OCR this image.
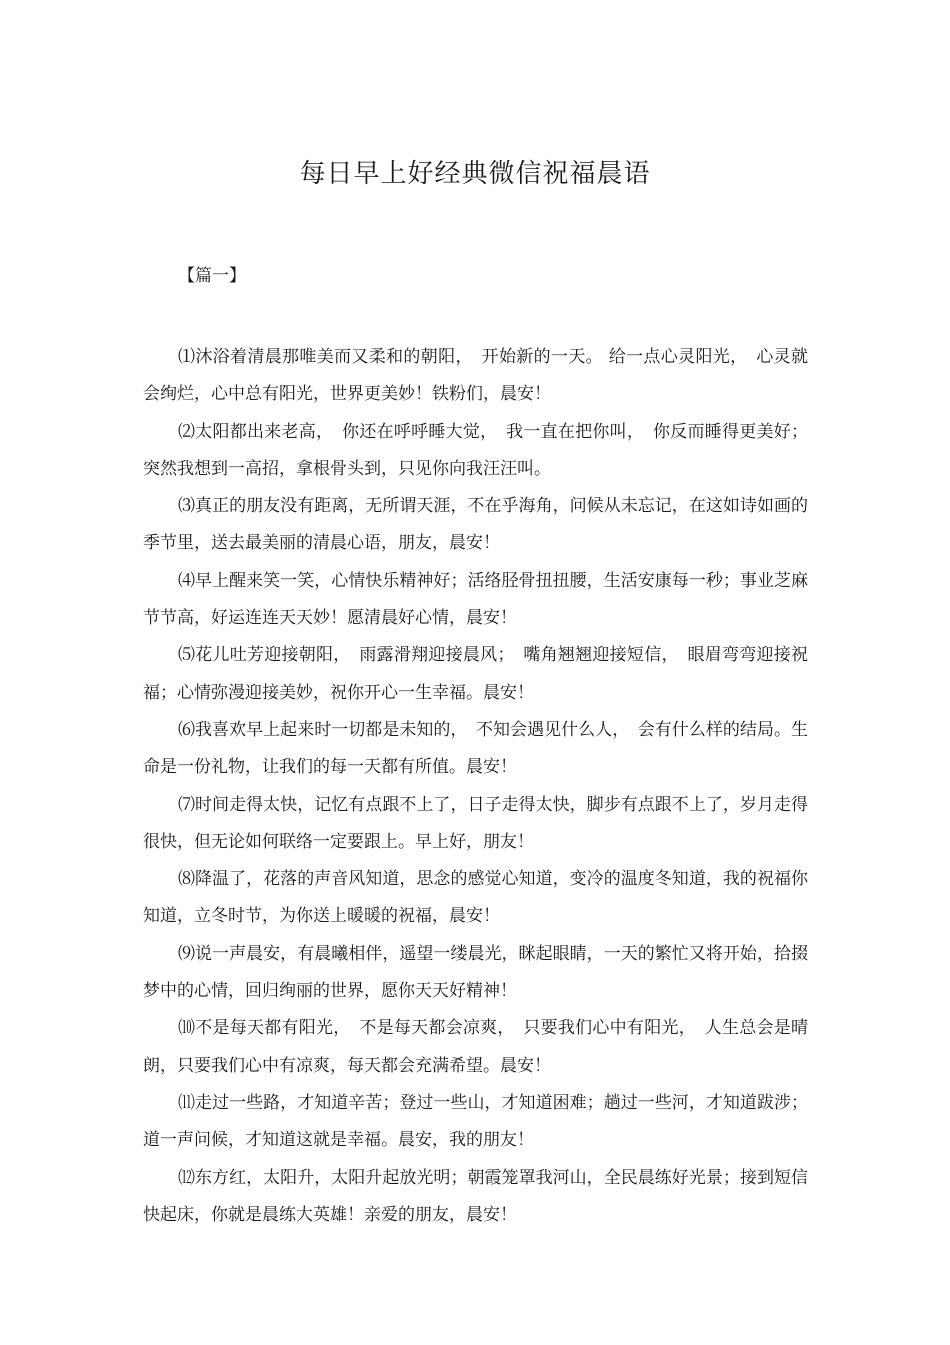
每日早上好经典微信祝福晨语
【篇一】

⑴沐浴着清晨那唯美而又柔和的朝阳，　开始新的一天。 给一点心灵阳光，　心灵就会绚烂，心中总有阳光，世界更美妙！铁粉们，晨安！

⑵太阳都出来老高，　你还在呼呼睡大觉，　我一直在把你叫，　你反而睡得更美好；突然我想到一高招，拿根骨头到，只见你向我汪汪叫。

⑶真正的朋友没有距离，无所谓天涯，不在乎海角，问候从未忘记，在这如诗如画的季节里，送去最美丽的清晨心语，朋友，晨安！

⑷早上醒来笑一笑，心情快乐精神好；活络胫骨扭扭腰，生活安康每一秒；事业芝麻节节高，好运连连天天妙！愿清晨好心情，晨安！

⑸花儿吐芳迎接朝阳，　雨露滑翔迎接晨风；　嘴角翘翘迎接短信，　眼眉弯弯迎接祝福；心情弥漫迎接美妙，祝你开心一生幸福。晨安！

⑹我喜欢早上起来时一切都是未知的，　不知会遇见什么人，　会有什么样的结局。生命是一份礼物，让我们的每一天都有所值。晨安！

⑺时间走得太快，记忆有点跟不上了，日子走得太快，脚步有点跟不上了，岁月走得很快，但无论如何联络一定要跟上。早上好，朋友！

⑻降温了，花落的声音风知道，思念的感觉心知道，变冷的温度冬知道，我的祝福你知道，立冬时节，为你送上暖暖的祝福，晨安！

⑼说一声晨安，有晨曦相伴，遥望一缕晨光，眯起眼睛，一天的繁忙又将开始，拾掇梦中的心情，回归绚丽的世界，愿你天天好精神！

⑽不是每天都有阳光，　不是每天都会凉爽，　只要我们心中有阳光，　人生总会是晴朗，只要我们心中有凉爽，每天都会充满希望。晨安！

⑾走过一些路，才知道辛苦；登过一些山，才知道困难；趟过一些河，才知道跋涉；道一声问候，才知道这就是幸福。晨安，我的朋友！

⑿东方红，太阳升，太阳升起放光明；朝霞笼罩我河山，全民晨练好光景；接到短信快起床，你就是晨练大英雄！亲爱的朋友，晨安！
